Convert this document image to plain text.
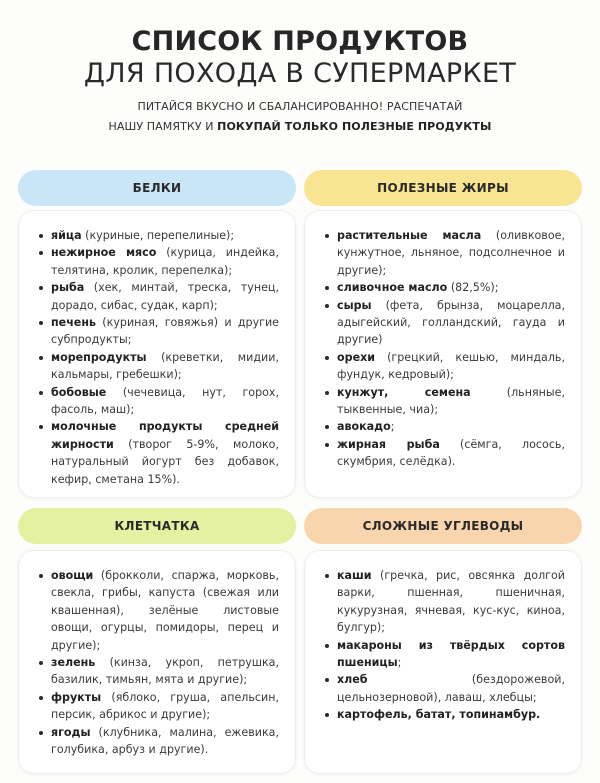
СПИСОК ПРОДУКТОВ
ДЛЯ ПОХОДА В СУПЕРМАРКЕТ
ПИТАЙСЯ ВКУСНО И СБАЛАНСИРОВАННО! РАСПЕЧАТАЙ
НАШУ ПАМЯТКУ И ПОКУПАЙ ТОЛЬКО ПОЛЕЗНЫЕ ПРОДУКТЫ
БЕЛКИ
яйца (куриные, перепелиные);
нежирное мясо (курица, индейка, телятина, кролик, перепелка);
рыба (хек, минтай, треска, тунец, дорадо, сибас, судак, карп);
печень (куриная, говяжья) и другие субпродукты;
морепродукты (креветки, мидии, кальмары, гребешки);
бобовые (чечевица, нут, горох, фасоль, маш);
молочные продукты средней жирности (творог 5-9%, молоко, натуральный йогурт без добавок, кефир, сметана 15%).
ПОЛЕЗНЫЕ ЖИРЫ
растительные масла (оливковое, кунжутное, льняное, подсолнечное и другие);
сливочное масло (82,5%);
сыры (фета, брынза, моцарелла, адыгейский, голландский, гауда и другие)
орехи (грецкий, кешью, миндаль, фундук, кедровый);
кунжут, семена (льняные, тыквенные, чиа);
авокадо;
жирная рыба (сёмга, лосось, скумбрия, селёдка).
КЛЕТЧАТКА
овощи (брокколи, спаржа, морковь, свекла, грибы, капуста (свежая или квашенная), зелёные листовые овощи, огурцы, помидоры, перец и другие);
зелень (кинза, укроп, петрушка, базилик, тимьян, мята и другие);
фрукты (яблоко, груша, апельсин, персик, абрикос и другие);
ягоды (клубника, малина, ежевика, голубика, арбуз и другие).
СЛОЖНЫЕ УГЛЕВОДЫ
каши (гречка, рис, овсянка долгой варки, пшенная, пшеничная, кукурузная, ячневая, кус-кус, киноа, булгур);
макароны из твёрдых сортов пшеницы;
хлеб (бездорожевой, цельнозерновой), лаваш, хлебцы;
картофель, батат, топинамбур.
